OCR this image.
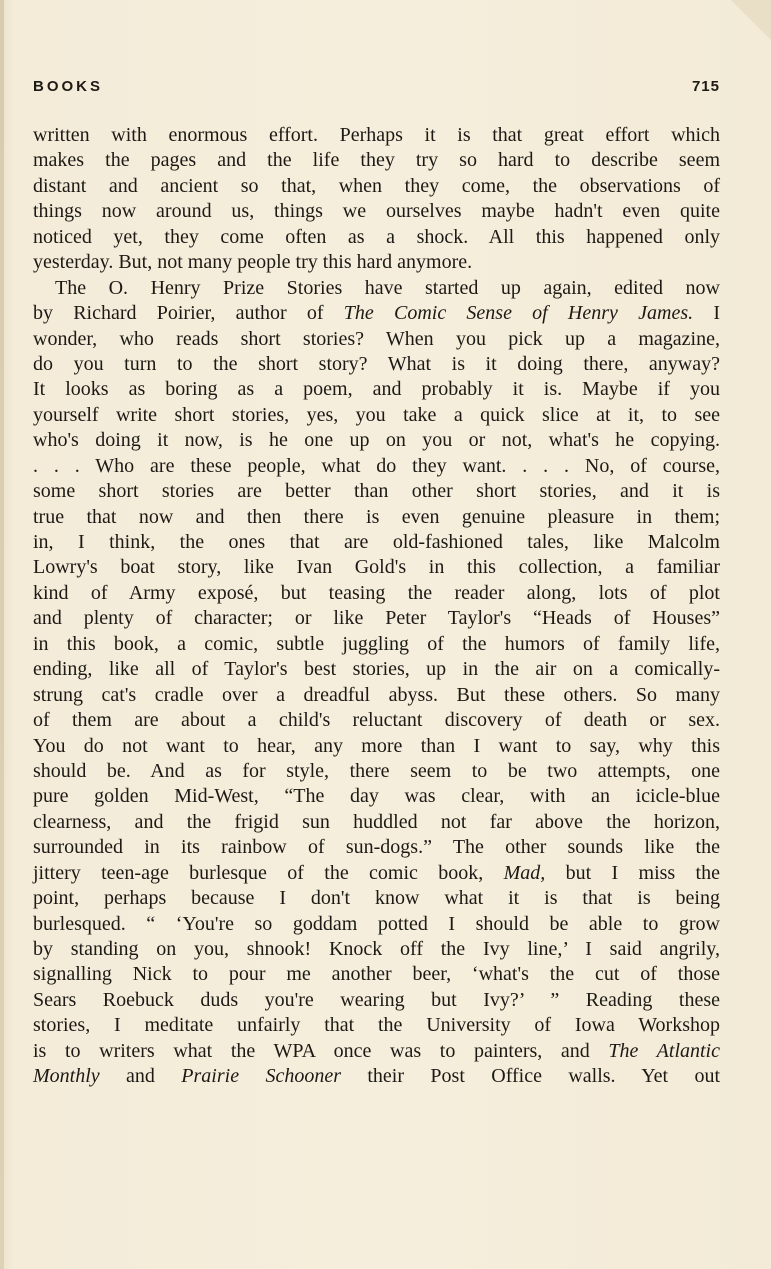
BOOKS	715
written with enormous effort. Perhaps it is that great effort which
makes the pages and the life they try so hard to describe seem
distant and ancient so that, when they come, the observations of
things now around us, things we ourselves maybe hadn't even quite
noticed yet, they come often as a shock. All this happened only
yesterday. But, not many people try this hard anymore.
The O. Henry Prize Stories have started up again, edited now
by Richard Poirier, author of The Comic Sense of Henry James. I
wonder, who reads short stories? When you pick up a magazine,
do you turn to the short story? What is it doing there, anyway?
It looks as boring as a poem, and probably it is. Maybe if you
yourself write short stories, yes, you take a quick slice at it, to see
who's doing it now, is he one up on you or not, what's he copying.
. . . Who are these people, what do they want. . . . No, of course,
some short stories are better than other short stories, and it is
true that now and then there is even genuine pleasure in them;
in, I think, the ones that are old-fashioned tales, like Malcolm
Lowry's boat story, like Ivan Gold's in this collection, a familiar
kind of Army exposé, but teasing the reader along, lots of plot
and plenty of character; or like Peter Taylor's “Heads of Houses”
in this book, a comic, subtle juggling of the humors of family life,
ending, like all of Taylor's best stories, up in the air on a comically-
strung cat's cradle over a dreadful abyss. But these others. So many
of them are about a child's reluctant discovery of death or sex.
You do not want to hear, any more than I want to say, why this
should be. And as for style, there seem to be two attempts, one
pure golden Mid-West, “The day was clear, with an icicle-blue
clearness, and the frigid sun huddled not far above the horizon,
surrounded in its rainbow of sun-dogs.” The other sounds like the
jittery teen-age burlesque of the comic book, Mad, but I miss the
point, perhaps because I don't know what it is that is being
burlesqued. “ ‘You're so goddam potted I should be able to grow
by standing on you, shnook! Knock off the Ivy line,’ I said angrily,
signalling Nick to pour me another beer, ‘what's the cut of those
Sears Roebuck duds you're wearing but Ivy?’ ” Reading these
stories, I meditate unfairly that the University of Iowa Workshop
is to writers what the WPA once was to painters, and The Atlantic
Monthly and Prairie Schooner their Post Office walls. Yet out
